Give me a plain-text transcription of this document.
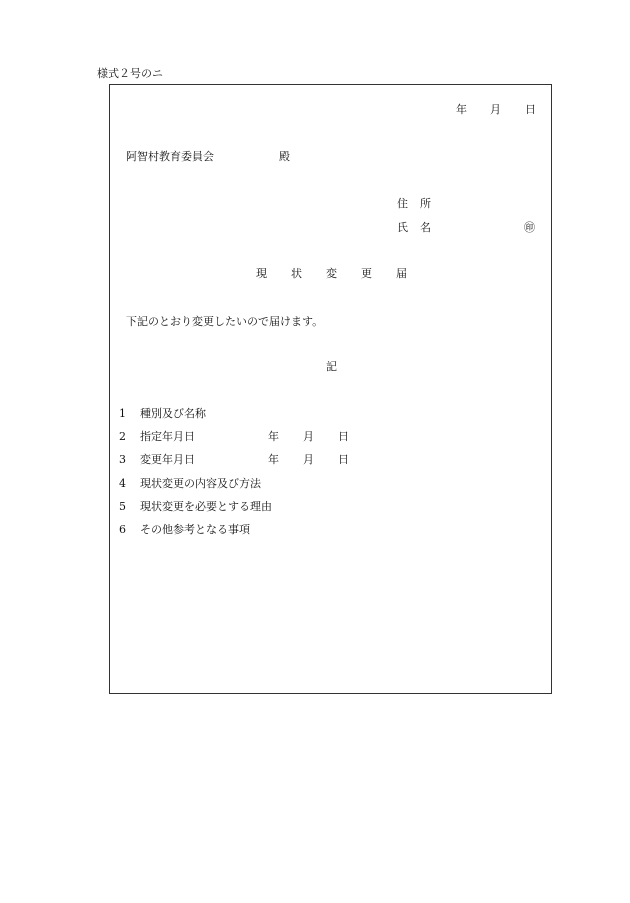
様式２号のニ
年 月 日
阿智村教育委員会	殿
住 所
氏 名	㊞
現 状 変 更 届
下記のとおり変更したいので届けます。
記
1 種別及び名称
2 指定年月日	年 月 日
3 変更年月日	年 月 日
4 現状変更の内容及び方法
5 現状変更を必要とする理由
6 その他参考となる事項
